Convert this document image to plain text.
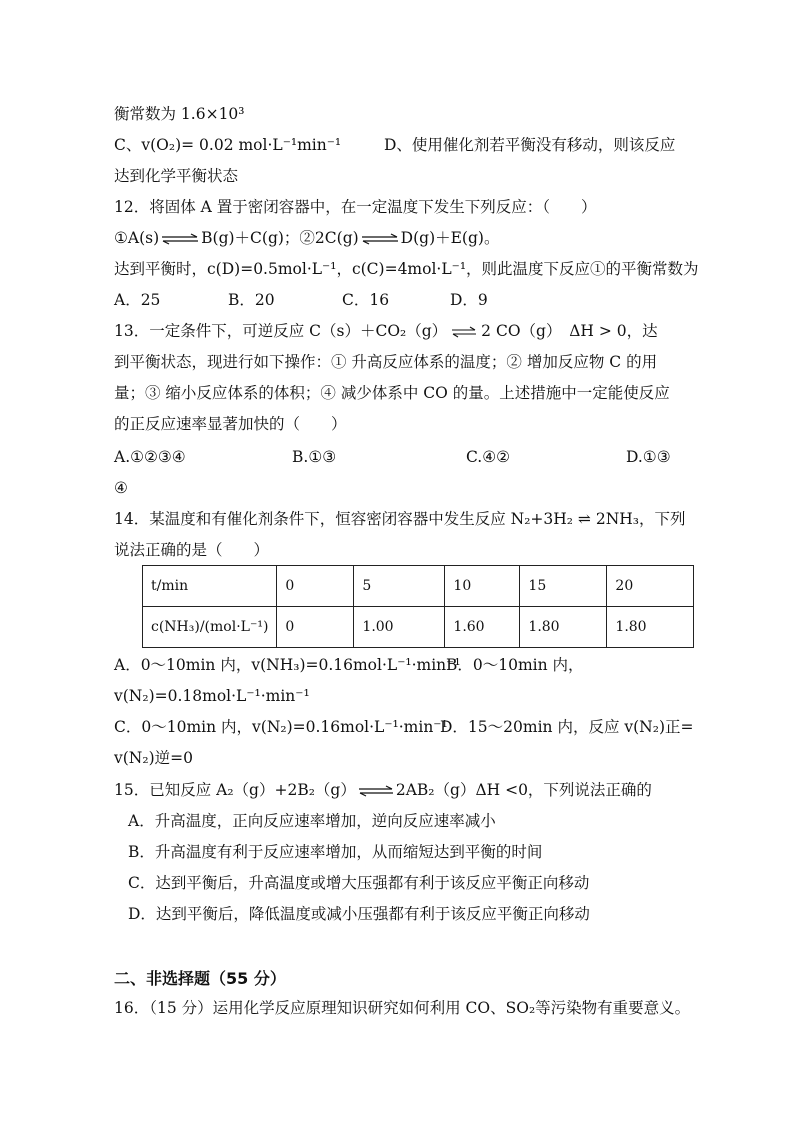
衡常数为 1.6×10³
C、v(O₂)= 0.02 mol·L⁻¹min⁻¹	D、使用催化剂若平衡没有移动，则该反应
达到化学平衡状态
12．将固体 A 置于密闭容器中，在一定温度下发生下列反应：（　　）
①A(s) ⇌ B(g)＋C(g)；②2C(g) ⇌ D(g)＋E(g)。
达到平衡时，c(D)=0.5mol·L⁻¹，c(C)=4mol·L⁻¹，则此温度下反应①的平衡常数为
A．25	B．20	C．16	D．9
13．一定条件下，可逆反应 C（s）＋CO₂（g） ⇌ 2 CO（g）　ΔH > 0，达
到平衡状态，现进行如下操作：① 升高反应体系的温度；② 增加反应物 C 的用
量；③ 缩小反应体系的体积；④ 减少体系中 CO 的量。上述措施中一定能使反应
的正反应速率显著加快的（　　）
A.①②③④	B.①③	C.④②	D.①③
④
14．某温度和有催化剂条件下，恒容密闭容器中发生反应 N₂+3H₂ ⇌ 2NH₃，下列
说法正确的是（　　）
t/min	0	5	10	15	20
c(NH₃)/(mol·L⁻¹)	0	1.00	1.60	1.80	1.80
A．0～10min 内，v(NH₃)=0.16mol·L⁻¹·min⁻¹
B．0～10min 内，
v(N₂)=0.18mol·L⁻¹·min⁻¹
C．0～10min 内，v(N₂)=0.16mol·L⁻¹·min⁻¹
D．15～20min 内，反应 v(N₂)正=
v(N₂)逆=0
15．已知反应 A₂（g）+2B₂（g） ⇌ 2AB₂（g）ΔH <0，下列说法正确的
A．升高温度，正向反应速率增加，逆向反应速率减小
B．升高温度有利于反应速率增加，从而缩短达到平衡的时间
C．达到平衡后，升高温度或增大压强都有利于该反应平衡正向移动
D．达到平衡后，降低温度或减小压强都有利于该反应平衡正向移动
二、非选择题（55 分）
16．（15 分）运用化学反应原理知识研究如何利用 CO、SO₂等污染物有重要意义。
